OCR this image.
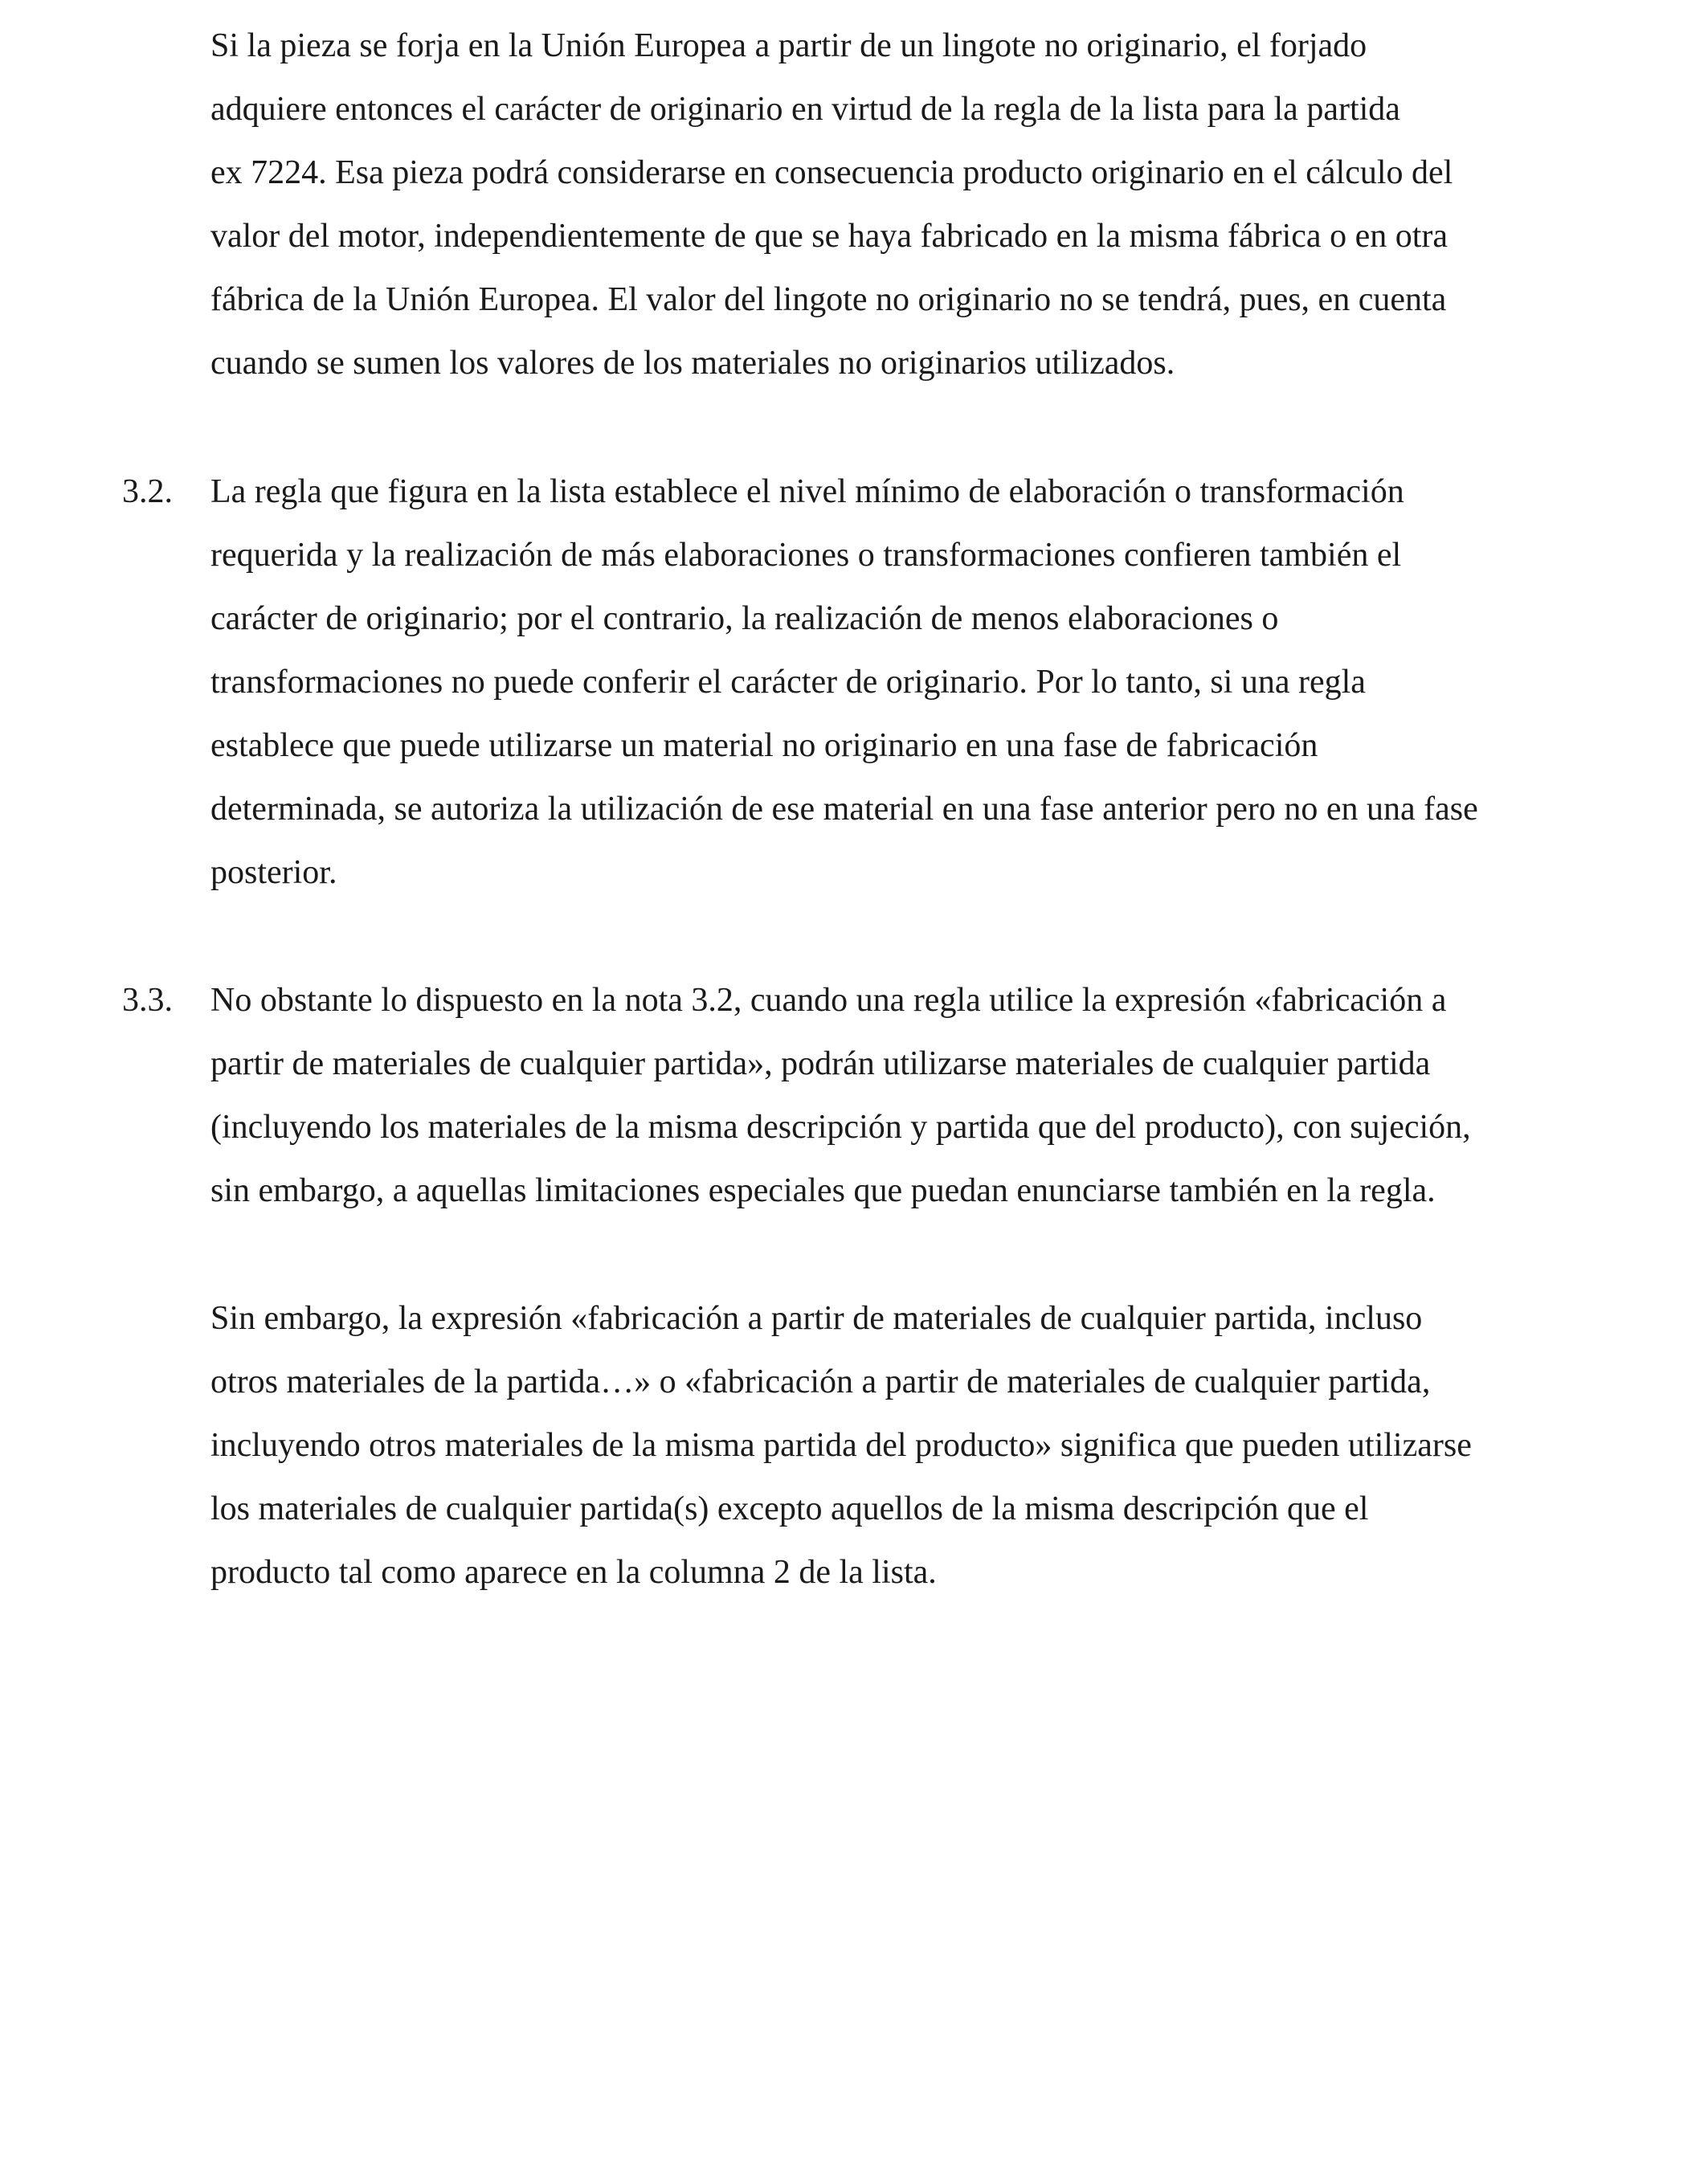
Si la pieza se forja en la Unión Europea a partir de un lingote no originario, el forjado
adquiere entonces el carácter de originario en virtud de la regla de la lista para la partida
ex 7224. Esa pieza podrá considerarse en consecuencia producto originario en el cálculo del
valor del motor, independientemente de que se haya fabricado en la misma fábrica o en otra
fábrica de la Unión Europea. El valor del lingote no originario no se tendrá, pues, en cuenta
cuando se sumen los valores de los materiales no originarios utilizados.
3.2. La regla que figura en la lista establece el nivel mínimo de elaboración o transformación
requerida y la realización de más elaboraciones o transformaciones confieren también el
carácter de originario; por el contrario, la realización de menos elaboraciones o
transformaciones no puede conferir el carácter de originario. Por lo tanto, si una regla
establece que puede utilizarse un material no originario en una fase de fabricación
determinada, se autoriza la utilización de ese material en una fase anterior pero no en una fase
posterior.
3.3. No obstante lo dispuesto en la nota 3.2, cuando una regla utilice la expresión «fabricación a
partir de materiales de cualquier partida», podrán utilizarse materiales de cualquier partida
(incluyendo los materiales de la misma descripción y partida que del producto), con sujeción,
sin embargo, a aquellas limitaciones especiales que puedan enunciarse también en la regla.
Sin embargo, la expresión «fabricación a partir de materiales de cualquier partida, incluso
otros materiales de la partida…» o «fabricación a partir de materiales de cualquier partida,
incluyendo otros materiales de la misma partida del producto» significa que pueden utilizarse
los materiales de cualquier partida(s) excepto aquellos de la misma descripción que el
producto tal como aparece en la columna 2 de la lista.
